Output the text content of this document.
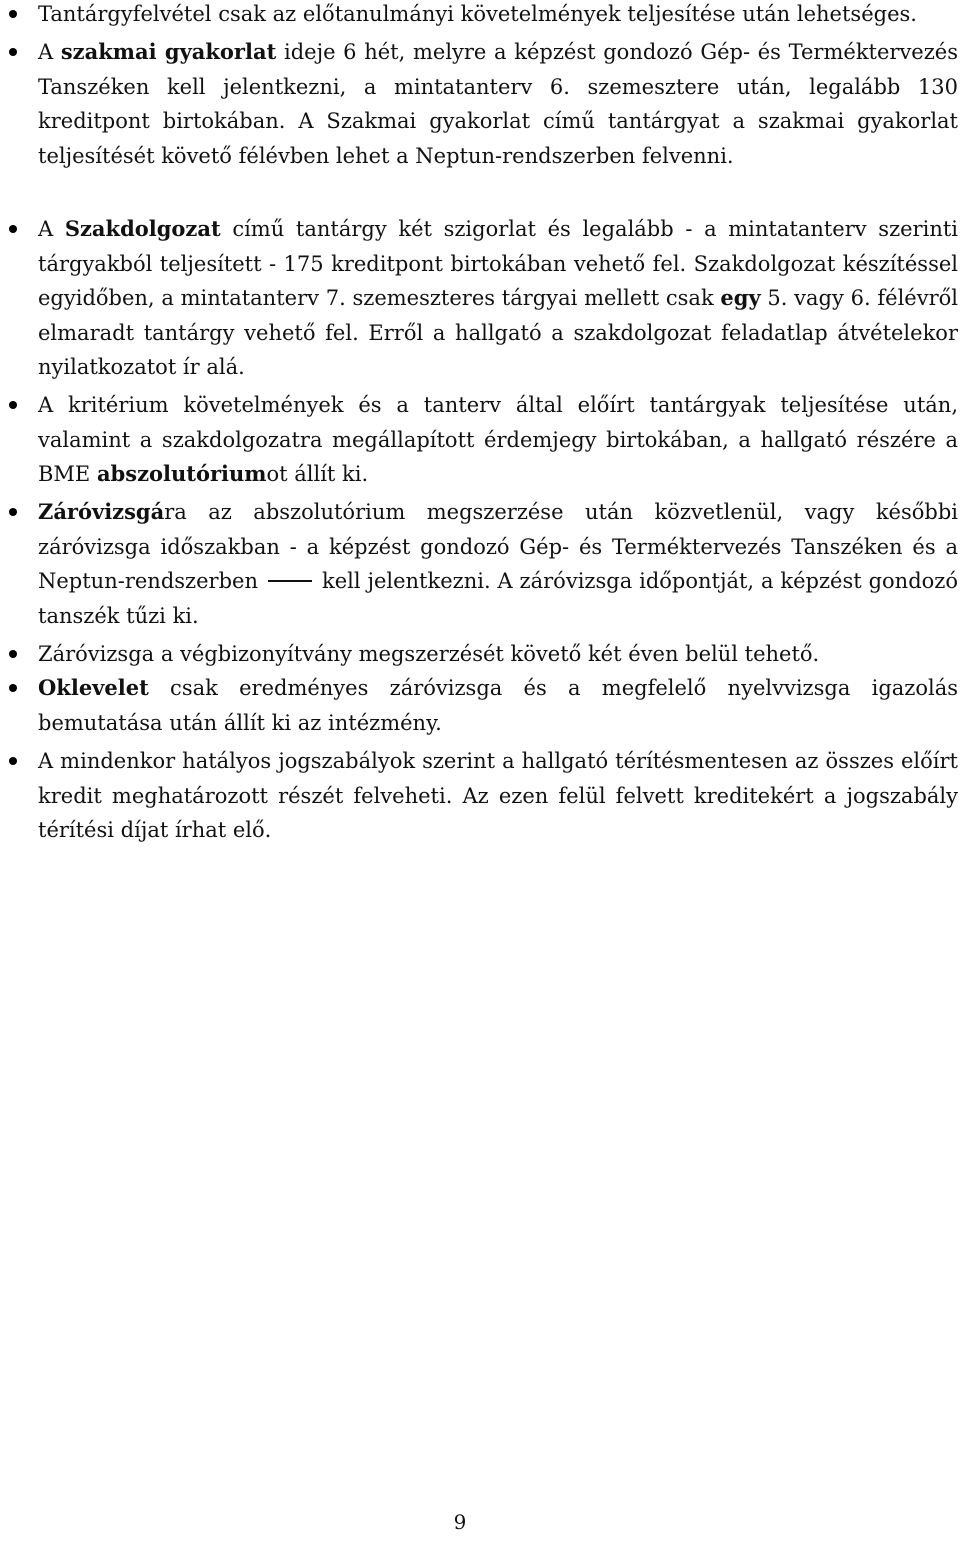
Tantárgyfelvétel csak az előtanulmányi követelmények teljesítése után lehetséges.
A szakmai gyakorlat ideje 6 hét, melyre a képzést gondozó Gép- és Terméktervezés Tanszéken kell jelentkezni, a mintatanterv 6. szemesztere után, legalább 130 kreditpont birtokában. A Szakmai gyakorlat című tantárgyat a szakmai gyakorlat teljesítését követő félévben lehet a Neptun-rendszerben felvenni.
A Szakdolgozat című tantárgy két szigorlat és legalább - a mintatanterv szerinti tárgyakból teljesített - 175 kreditpont birtokában vehető fel. Szakdolgozat készítéssel egyidőben, a mintatanterv 7. szemeszteres tárgyai mellett csak egy 5. vagy 6. félévről elmaradt tantárgy vehető fel. Erről a hallgató a szakdolgozat feladatlap átvételekor nyilatkozatot ír alá.
A kritérium követelmények és a tanterv által előírt tantárgyak teljesítése után, valamint a szakdolgozatra megállapított érdemjegy birtokában, a hallgató részére a BME abszolutóriumot állít ki.
Záróvizsgára az abszolutórium megszerzése után közvetlenül, vagy későbbi záróvizsga időszakban - a képzést gondozó Gép- és Terméktervezés Tanszéken és a Neptun-rendszerben	kell jelentkezni. A záróvizsga időpontját, a képzést gondozó tanszék tűzi ki.
Záróvizsga a végbizonyítvány megszerzését követő két éven belül tehető.
Oklevelet csak eredményes záróvizsga és a megfelelő nyelvvizsga igazolás bemutatása után állít ki az intézmény.
A mindenkor hatályos jogszabályok szerint a hallgató térítésmentesen az összes előírt kredit meghatározott részét felveheti. Az ezen felül felvett kreditekért a jogszabály térítési díjat írhat elő.
9
